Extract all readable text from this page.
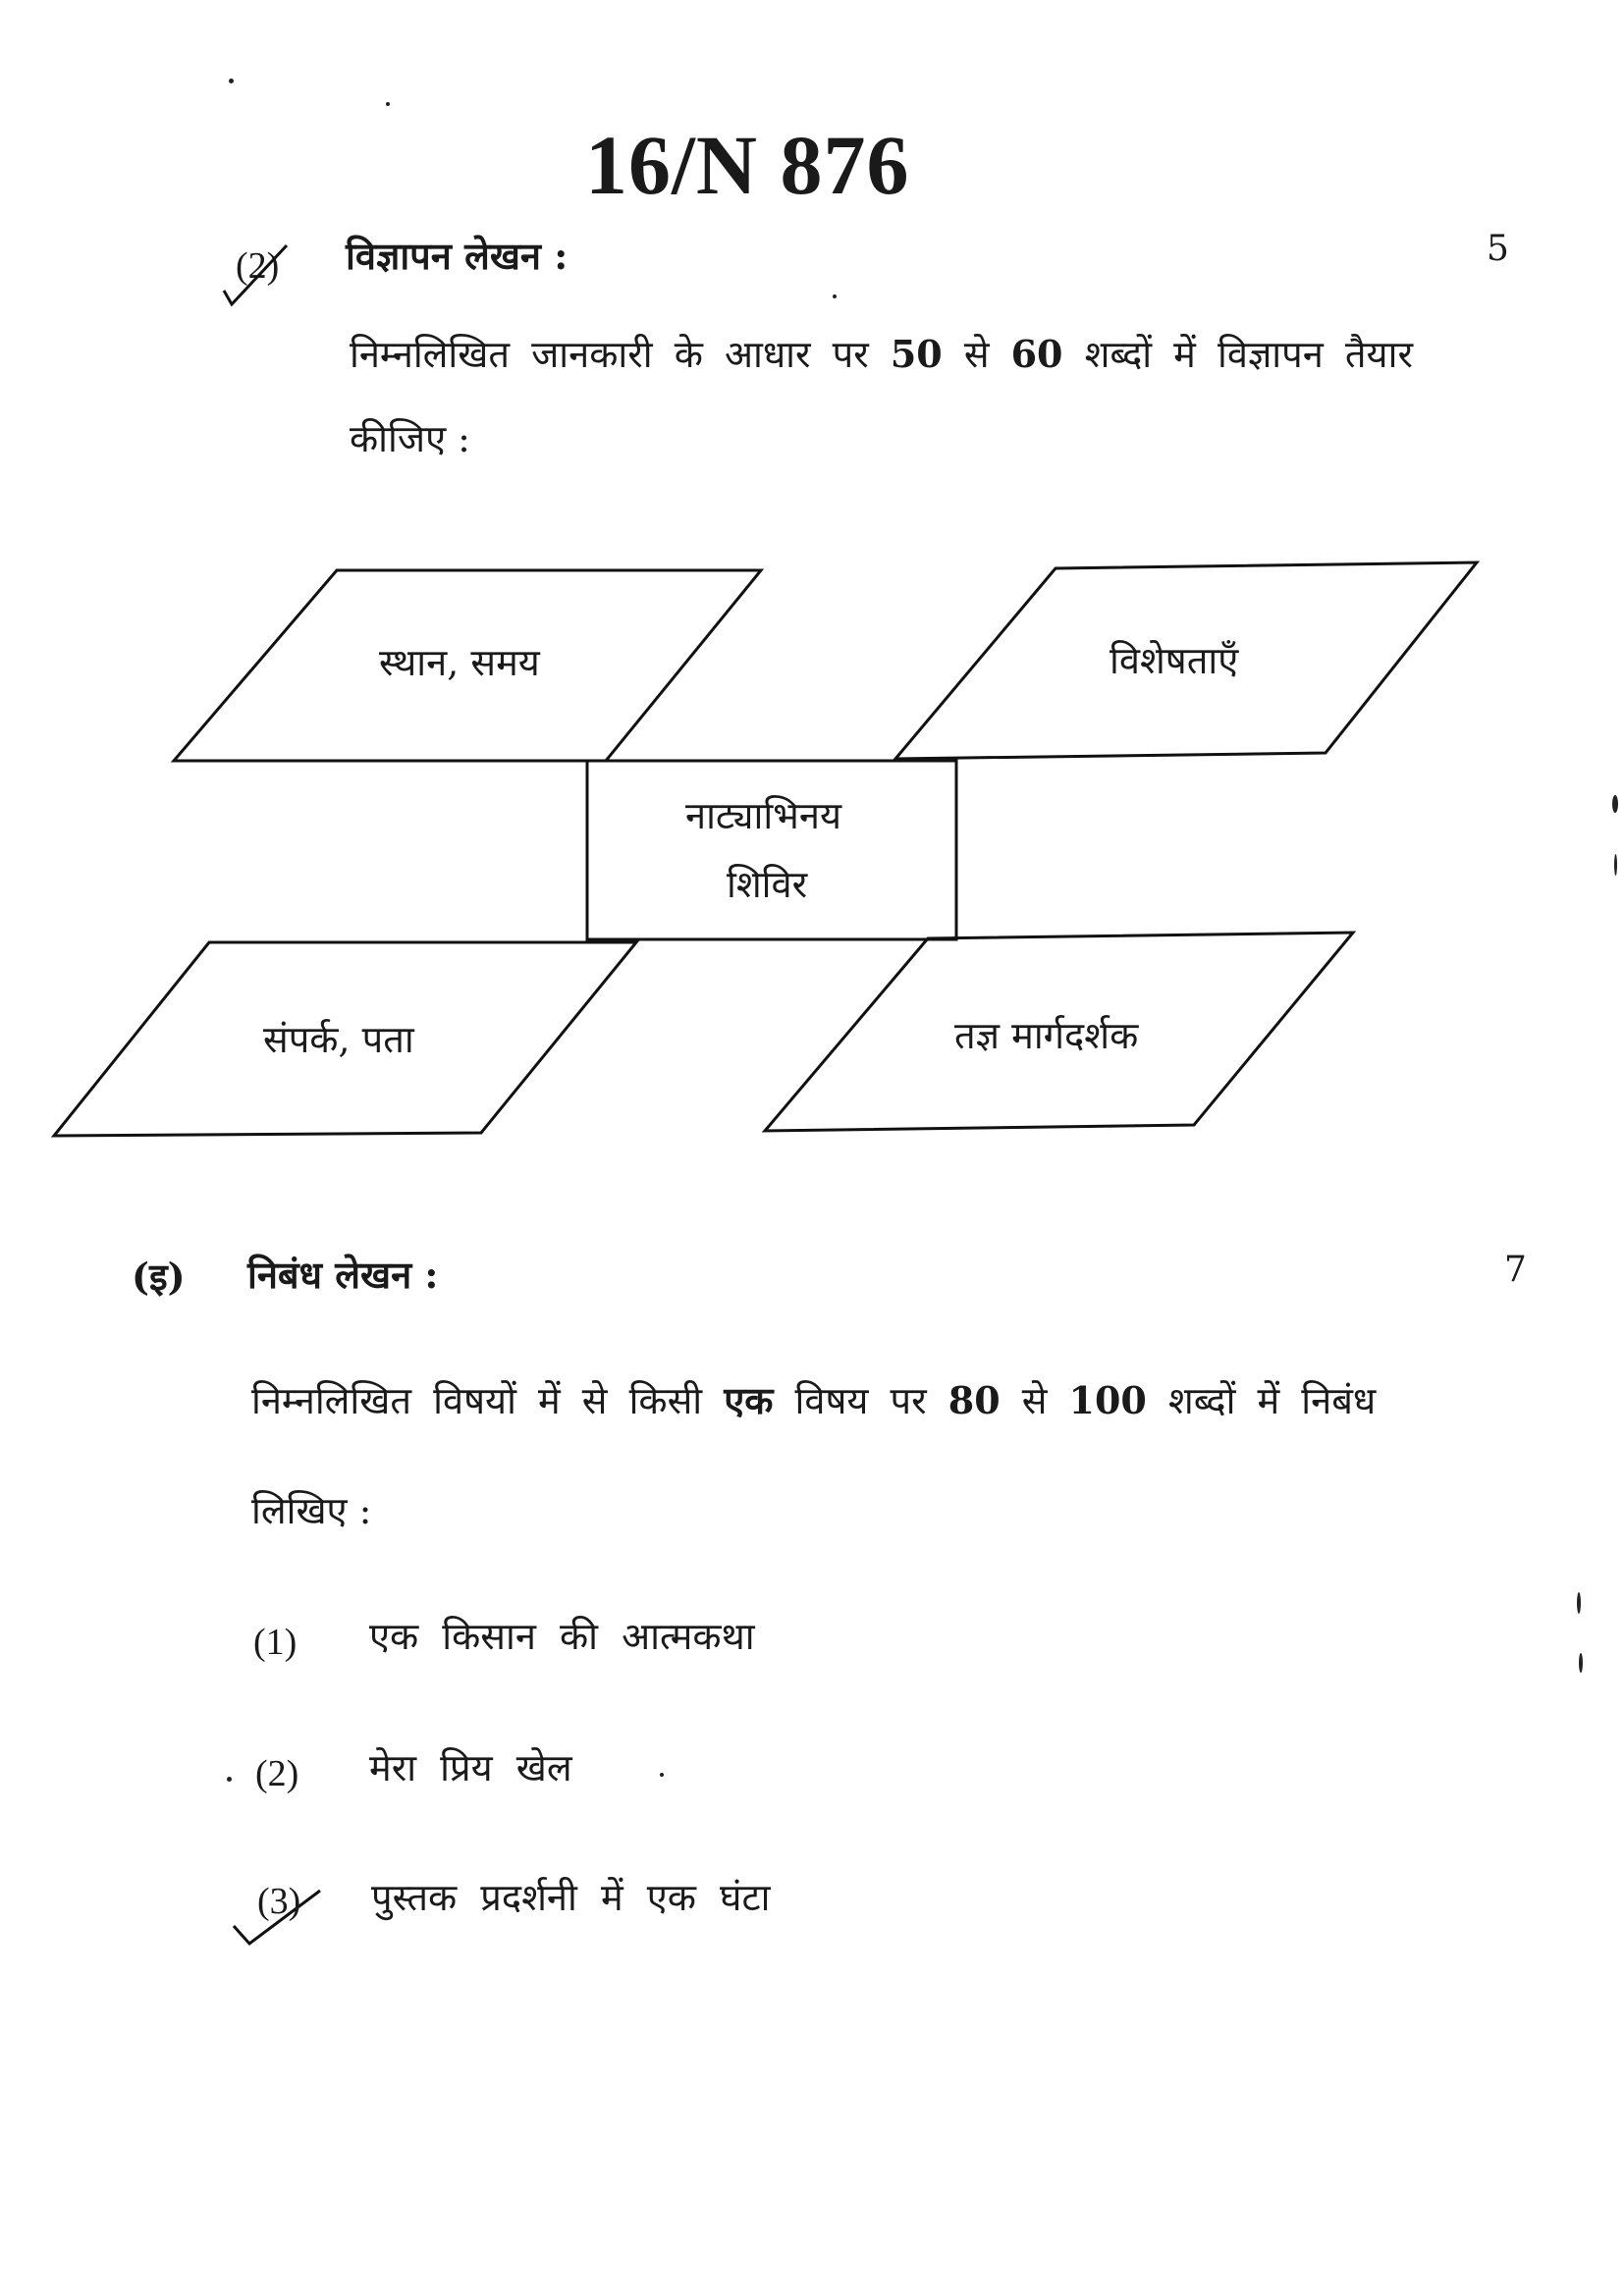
16/N 876
(2) विज्ञापन लेखन :	5
निम्नलिखित जानकारी के आधार पर 50 से 60 शब्दों में विज्ञापन तैयार
कीजिए :
स्थान, समय	विशेषताएँ
नाट्याभिनय
शिविर
संपर्क, पता	तज्ञ मार्गदर्शक
(इ) निबंध लेखन :	7
निम्नलिखित विषयों में से किसी एक विषय पर 80 से 100 शब्दों में निबंध
लिखिए :
(1) एक किसान की आत्मकथा
(2) मेरा प्रिय खेल
(3) पुस्तक प्रदर्शनी में एक घंटा
